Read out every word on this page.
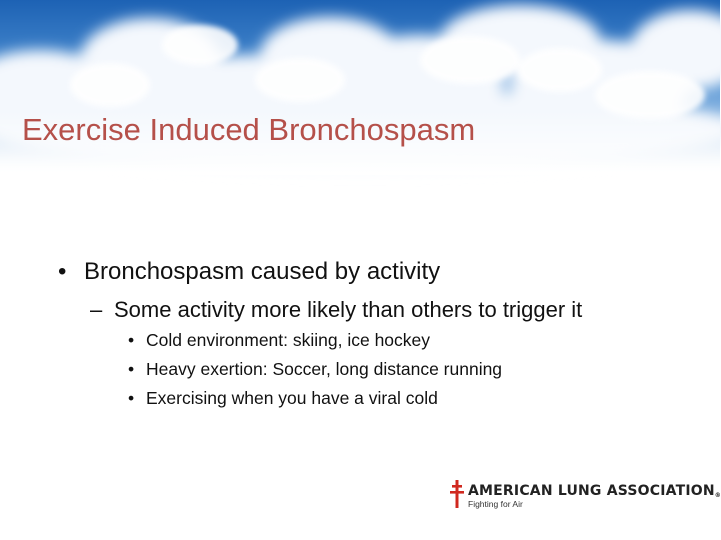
Exercise Induced Bronchospasm
• Bronchospasm caused by activity
– Some activity more likely than others to trigger it
• Cold environment: skiing, ice hockey
• Heavy exertion: Soccer, long distance running
• Exercising when you have a viral cold
AMERICAN LUNG ASSOCIATION®
Fighting for Air
